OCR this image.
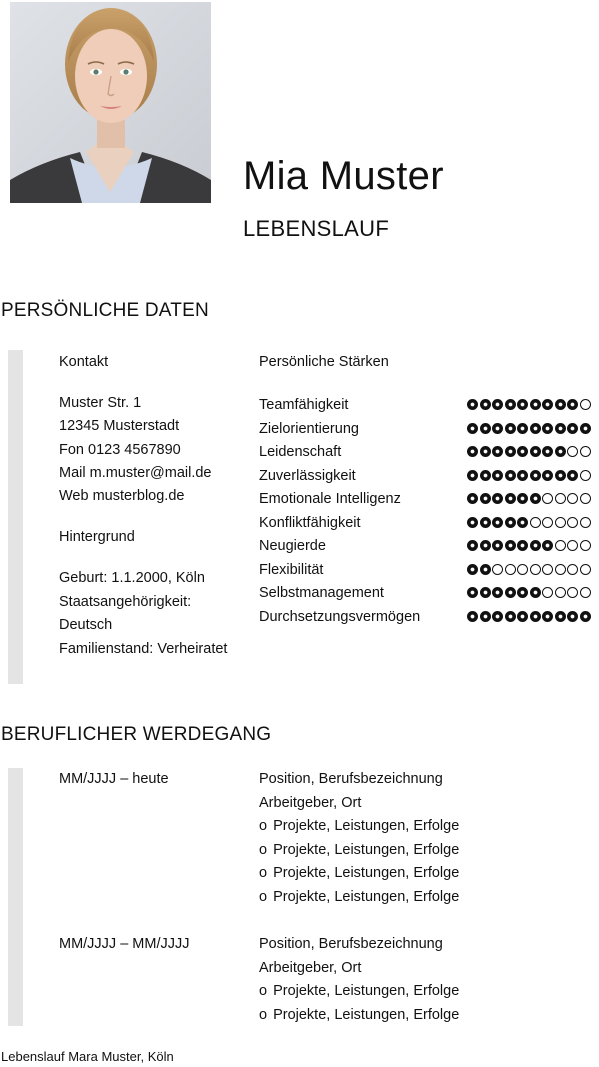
Mia Muster
LEBENSLAUF
PERSÖNLICHE DATEN
Kontakt
Muster Str. 1
12345 Musterstadt
Fon 0123 4567890
Mail m.muster@mail.de
Web musterblog.de
Hintergrund
Geburt: 1.1.2000, Köln
Staatsangehörigkeit:
Deutsch
Familienstand: Verheiratet
Persönliche Stärken
Teamfähigkeit
Zielorientierung
Leidenschaft
Zuverlässigkeit
Emotionale Intelligenz
Konfliktfähigkeit
Neugierde
Flexibilität
Selbstmanagement
Durchsetzungsvermögen
BERUFLICHER WERDEGANG
MM/JJJJ – heute	Position, Berufsbezeichnung
Arbeitgeber, Ort
o Projekte, Leistungen, Erfolge
o Projekte, Leistungen, Erfolge
o Projekte, Leistungen, Erfolge
o Projekte, Leistungen, Erfolge
MM/JJJJ – MM/JJJJ	Position, Berufsbezeichnung
Arbeitgeber, Ort
o Projekte, Leistungen, Erfolge
o Projekte, Leistungen, Erfolge
Lebenslauf Mara Muster, Köln
